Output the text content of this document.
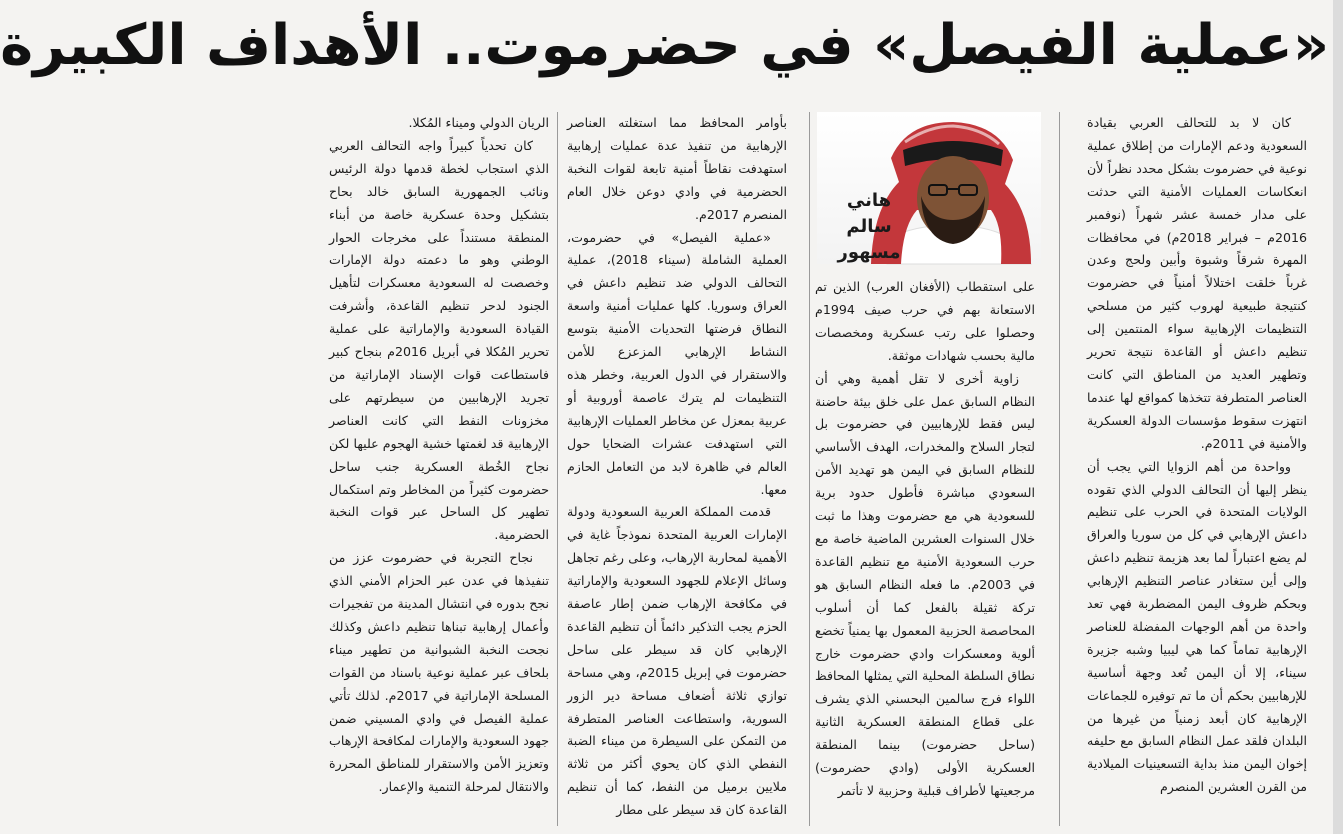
«عملية الفيصل» في حضرموت.. الأهداف الكبيرة
هاني سالم
مسهور

كان لا بد للتحالف العربي بقيادة السعودية ودعم الإمارات من إطلاق عملية نوعية في حضرموت بشكل محدد نظراً لأن انعكاسات العمليات الأمنية التي حدثت على مدار خمسة عشر شهراً (نوفمبر 2016م – فبراير 2018م) في محافظات المهرة شرقاً وشبوة وأبين ولحج وعدن غرباً خلقت اختلالاً أمنياً في حضرموت كنتيجة طبيعية لهروب كثير من مسلحي التنظيمات الإرهابية سواء المنتمين إلى تنظيم داعش أو القاعدة نتيجة تحرير وتطهير العديد من المناطق التي كانت العناصر المتطرفة تتخذها كمواقع لها عندما انتهزت سقوط مؤسسات الدولة العسكرية والأمنية في 2011م.

وواحدة من أهم الزوايا التي يجب أن ينظر إليها أن التحالف الدولي الذي تقوده الولايات المتحدة في الحرب على تنظيم داعش الإرهابي في كل من سوريا والعراق لم يضع اعتباراً لما بعد هزيمة تنظيم داعش وإلى أين ستغادر عناصر التنظيم الإرهابي وبحكم ظروف اليمن المضطربة فهي تعد واحدة من أهم الوجهات المفضلة للعناصر الإرهابية تماماً كما هي ليبيا وشبه جزيرة سيناء، إلا أن اليمن تُعد وجهة أساسية للإرهابيين بحكم أن ما تم توفيره للجماعات الإرهابية كان أبعد زمنياً من غيرها من البلدان فلقد عمل النظام السابق مع حليفه إخوان اليمن منذ بداية التسعينيات الميلادية من القرن العشرين المنصرم

على استقطاب (الأفغان العرب) الذين تم الاستعانة بهم في حرب صيف 1994م وحصلوا على رتب عسكرية ومخصصات مالية بحسب شهادات موثقة.

زاوية أخرى لا تقل أهمية وهي أن النظام السابق عمل على خلق بيئة حاضنة ليس فقط للإرهابيين في حضرموت بل لتجار السلاح والمخدرات، الهدف الأساسي للنظام السابق في اليمن هو تهديد الأمن السعودي مباشرة فأطول حدود برية للسعودية هي مع حضرموت وهذا ما ثبت خلال السنوات العشرين الماضية خاصة مع حرب السعودية الأمنية مع تنظيم القاعدة في 2003م. ما فعله النظام السابق هو تركة ثقيلة بالفعل كما أن أسلوب المحاصصة الحزبية المعمول بها يمنياً تخضع ألوية ومعسكرات وادي حضرموت خارج نطاق السلطة المحلية التي يمثلها المحافظ اللواء فرج سالمين البحسني الذي يشرف على قطاع المنطقة العسكرية الثانية (ساحل حضرموت) بينما المنطقة العسكرية الأولى (وادي حضرموت) مرجعيتها لأطراف قبلية وحزبية لا تأتمر

بأوامر المحافظ مما استغلته العناصر الإرهابية من تنفيذ عدة عمليات إرهابية استهدفت نقاطاً أمنية تابعة لقوات النخبة الحضرمية في وادي دوعن خلال العام المنصرم 2017م.

«عملية الفيصل» في حضرموت، العملية الشاملة (سيناء 2018)، عملية التحالف الدولي ضد تنظيم داعش في العراق وسوريا. كلها عمليات أمنية واسعة النطاق فرضتها التحديات الأمنية بتوسع النشاط الإرهابي المزعزع للأمن والاستقرار في الدول العربية، وخطر هذه التنظيمات لم يترك عاصمة أوروبية أو عربية بمعزل عن مخاطر العمليات الإرهابية التي استهدفت عشرات الضحايا حول العالم في ظاهرة لابد من التعامل الحازم معها.

قدمت المملكة العربية السعودية ودولة الإمارات العربية المتحدة نموذجاً غاية في الأهمية لمحاربة الإرهاب، وعلى رغم تجاهل وسائل الإعلام للجهود السعودية والإماراتية في مكافحة الإرهاب ضمن إطار عاصفة الحزم يجب التذكير دائماً أن تنظيم القاعدة الإرهابي كان قد سيطر على ساحل حضرموت في إبريل 2015م، وهي مساحة توازي ثلاثة أضعاف مساحة دير الزور السورية، واستطاعت العناصر المتطرفة من التمكن على السيطرة من ميناء الضبة النفطي الذي كان يحوي أكثر من ثلاثة ملايين برميل من النفط، كما أن تنظيم القاعدة كان قد سيطر على مطار

الريان الدولي وميناء المُكلا.

كان تحدياً كبيراً واجه التحالف العربي الذي استجاب لخطة قدمها دولة الرئيس ونائب الجمهورية السابق خالد بحاح بتشكيل وحدة عسكرية خاصة من أبناء المنطقة مستنداً على مخرجات الحوار الوطني وهو ما دعمته دولة الإمارات وخصصت له السعودية معسكرات لتأهيل الجنود لدحر تنظيم القاعدة، وأشرفت القيادة السعودية والإماراتية على عملية تحرير المُكلا في أبريل 2016م بنجاح كبير فاستطاعت قوات الإسناد الإماراتية من تجريد الإرهابيين من سيطرتهم على مخزونات النفط التي كانت العناصر الإرهابية قد لغمتها خشية الهجوم عليها لكن نجاح الخُطة العسكرية جنب ساحل حضرموت كثيراً من المخاطر وتم استكمال تطهير كل الساحل عبر قوات النخبة الحضرمية.

نجاح التجربة في حضرموت عزز من تنفيذها في عدن عبر الحزام الأمني الذي نجح بدوره في انتشال المدينة من تفجيرات وأعمال إرهابية تبناها تنظيم داعش وكذلك نجحت النخبة الشبوانية من تطهير ميناء بلحاف عبر عملية نوعية باسناد من القوات المسلحة الإماراتية في 2017م. لذلك تأتي عملية الفيصل في وادي المسيني ضمن جهود السعودية والإمارات لمكافحة الإرهاب وتعزيز الأمن والاستقرار للمناطق المحررة والانتقال لمرحلة التنمية والإعمار.
